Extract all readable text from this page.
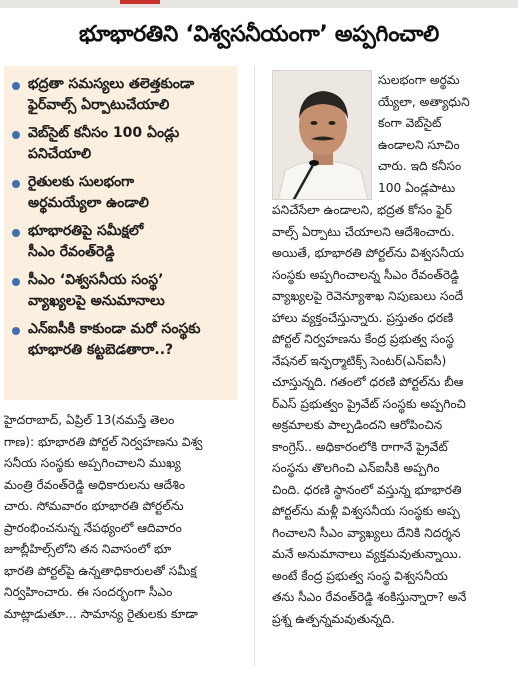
భూభారతిని ‘విశ్వసనీయంగా’ అప్పగించాలి
భద్రతా సమస్యలు తలెత్తకుండా
ఫైర్‌వాల్స్‌ ఏర్పాటుచేయాలి
వెబ్‌సైట్‌ కనీసం 100 ఏండ్లు
పనిచేయాలి
రైతులకు సులభంగా
అర్థమయ్యేలా ఉండాలి
భూభారతిపై సమీక్షలో
సీఎం రేవంత్‌రెడ్డి
సీఎం ‘విశ్వసనీయ సంస్థ’
వ్యాఖ్యలపై అనుమానాలు
ఎన్‌ఐసీకి కాకుండా మరో సంస్థకు
భూభారతి కట్టబెడతారా..?
సులభంగా అర్థమ
య్యేలా, అత్యాధుని
కంగా వెబ్‌సైట్‌
ఉండాలని సూచిం
చారు. ఇది కనీసం
100 ఏండ్లపాటు
పనిచేసేలా ఉండాలని, భద్రత కోసం ఫైర్‌
వాల్స్‌ ఏర్పాటు చేయాలని ఆదేశించారు.
అయితే, భూభారతి పోర్టల్‌ను విశ్వసనీయ
సంస్థకు అప్పగించాలన్న సీఎం రేవంత్‌రెడ్డి
వ్యాఖ్యలపై రెవెన్యూశాఖ నిపుణులు సందే
హాలు వ్యక్తంచేస్తున్నారు. ప్రస్తుతం ధరణి
పోర్టల్‌ నిర్వహణను కేంద్ర ప్రభుత్వ సంస్థ
నేషనల్‌ ఇన్ఫర్మాటిక్స్‌ సెంటర్‌(ఎన్‌ఐసీ)
చూస్తున్నది. గతంలో ధరణి పోర్టల్‌ను బీఆ
ర్‌ఎస్‌ ప్రభుత్వం ప్రైవేట్‌ సంస్థకు అప్పగించి
అక్రమాలకు పాల్పడిందని ఆరోపించిన
కాంగ్రెస్‌.. అధికారంలోకి రాగానే ప్రైవేట్‌
సంస్థను తొలగించి ఎన్‌ఐసీకి అప్పగిం
చింది. ధరణి స్థానంలో వస్తున్న భూభారతి
పోర్టల్‌ను మళ్లీ విశ్వసనీయ సంస్థకు అప్ప
గించాలని సీఎం వ్యాఖ్యలు దేనికి నిదర్శన
మనే అనుమానాలు వ్యక్తమవుతున్నాయి.
అంటే కేంద్ర ప్రభుత్వ సంస్థ విశ్వసనీయ
తను సీఎం రేవంత్‌రెడ్డి శంకిస్తున్నారా? అనే
ప్రశ్న ఉత్పన్నమవుతున్నది.
హైదరాబాద్‌, ఏప్రిల్‌ 13(నమస్తే తెలం
గాణ): భూభారతి పోర్టల్‌ నిర్వహణను విశ్వ
సనీయ సంస్థకు అప్పగించాలని ముఖ్య
మంత్రి రేవంత్‌రెడ్డి అధికారులను ఆదేశిం
చారు. సోమవారం భూభారతి పోర్టల్‌ను
ప్రారంభించనున్న నేపథ్యంలో ఆదివారం
జూబ్లీహిల్స్‌లోని తన నివాసంలో భూ
భారతి పోర్టల్‌పై ఉన్నతాధికారులతో సమీక్ష
నిర్వహించారు. ఈ సందర్భంగా సీఎం
మాట్లాడుతూ... సామాన్య రైతులకు కూడా
